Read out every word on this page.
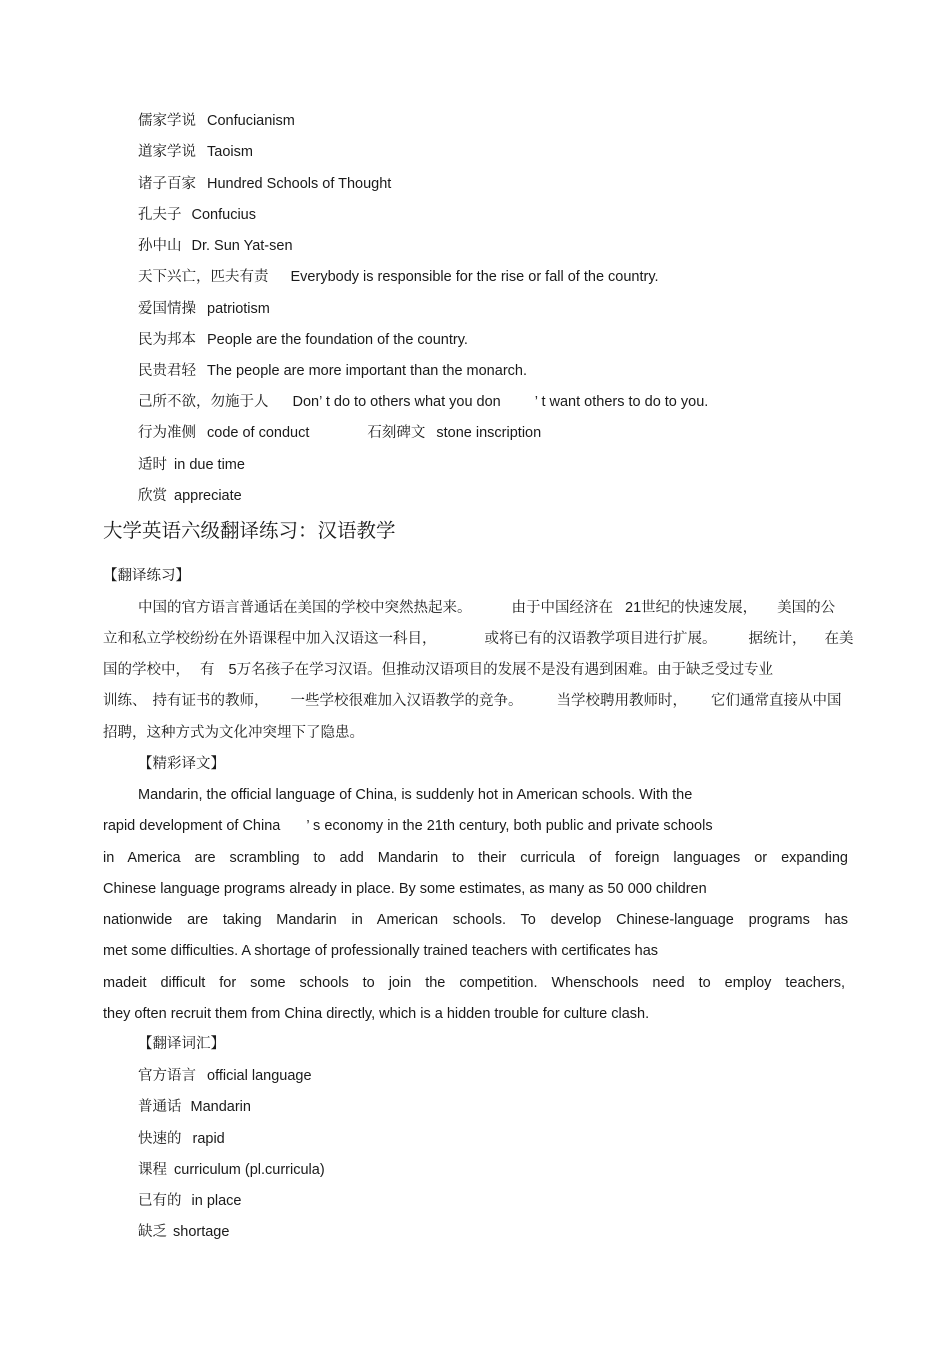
儒家学说 Confucianism
道家学说 Taoism
诸子百家 Hundred Schools of Thought
孔夫子 Confucius
孙中山 Dr. Sun Yat-sen
天下兴亡，匹夫有责 Everybody is responsible for the rise or fall of the country.
爱国情操 patriotism
民为邦本 People are the foundation of the country.
民贵君轻 The people are more important than the monarch.
己所不欲，勿施于人 Don’ t do to others what you don ’ t want others to do to you.
行为准侧 code of conduct	石刻碑文 stone inscription
适时 in due time
欣赏 appreciate
大学英语六级翻译练习：汉语教学
【翻译练习】
中国的官方语言普通话在美国的学校中突然热起来。	由于中国经济在 21世纪的快速发展， 美国的公
立和私立学校纷纷在外语课程中加入汉语这一科目，	或将已有的汉语教学项目进行扩展。 据统计， 在美
国的学校中， 有 5万名孩子在学习汉语。但推动汉语项目的发展不是没有遇到困难。由于缺乏受过专业
训练、 持有证书的教师， 一些学校很难加入汉语教学的竞争。 当学校聘用教师时， 它们通常直接从中国
招聘，这种方式为文化冲突埋下了隐患。
【精彩译文】
Mandarin, the official language of China, is suddenly hot in American schools. With the
rapid development of China ’ s economy in the 21th century, both public and private schools
in America are scrambling to add Mandarin to their curricula of foreign languages or expanding
Chinese language programs already in place. By some estimates, as many as 50 000 children
nationwide are taking Mandarin in American schools. To develop Chinese-language programs has
met some difficulties. A shortage of professionally trained teachers with certificates has
madeit difficult for some schools to join the competition. Whenschools need to employ teachers,
they often recruit them from China directly, which is a hidden trouble for culture clash.
【翻译词汇】
官方语言 official language
普通话 Mandarin
快速的 rapid
课程 curriculum (pl.curricula)
已有的 in place
缺乏 shortage
